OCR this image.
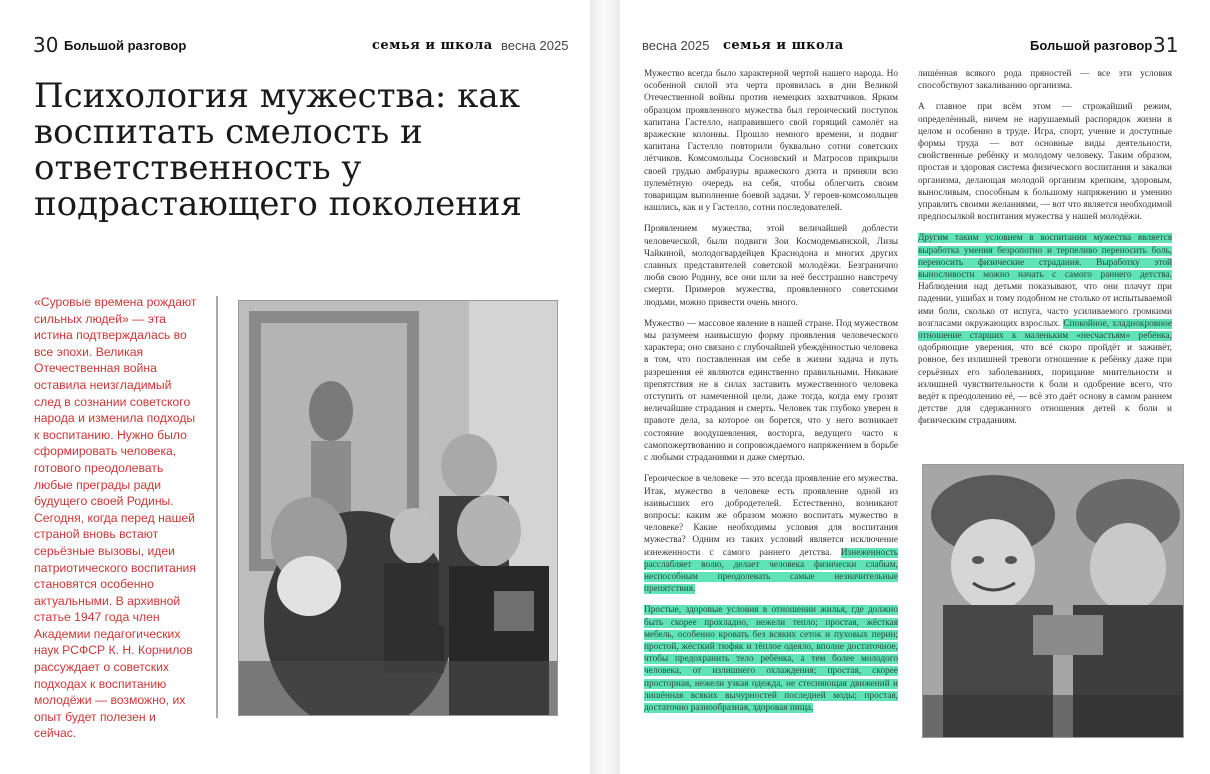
30 Большой разговор	семья и школа весна 2025
Психология мужества: как воспитать смелость и ответственность у подрастающего поколения
«Суровые времена рождают сильных людей» — эта истина подтверждалась во все эпохи. Великая Отечественная война оставила неизгладимый след в сознании советского народа и изменила подходы к воспитанию. Нужно было сформировать человека, готового преодолевать любые преграды ради будущего своей Родины. Сегодня, когда перед нашей страной вновь встают серьёзные вызовы, идеи патриотического воспитания становятся особенно актуальными. В архивной статье 1947 года член Академии педагогических наук РСФСР К. Н. Корнилов рассуждает о советских подходах к воспитанию молодёжи — возможно, их опыт будет полезен и сейчас.
весна 2025 семья и школа	Большой разговор 31

Мужество всегда было характерной чертой нашего народа. Но особенной силой эта черта проявилась в дни Великой Отечественной войны против немецких захватчиков. Ярким образцом проявленного мужества был героический поступок капитана Гастелло, направившего свой горящий самолёт на вражеские колонны. Прошло немного времени, и подвиг капитана Гастелло повторили буквально сотни советских лётчиков. Комсомольцы Сосновский и Матросов прикрыли своей грудью амбразуры вражеского дзота и приняли всю пулемётную очередь на себя, чтобы облегчить своим товарищам выполнение боевой задачи. У героев-комсомольцев нашлись, как и у Гастелло, сотни последователей.

Проявлением мужества, этой величайшей доблести человеческой, были подвиги Зои Космодемьянской, Лизы Чайкиной, молодогвардейцев Краснодона и многих других славных представителей советской молодёжи. Безгранично любя свою Родину, все они шли за неё бесстрашно навстречу смерти. Примеров мужества, проявленного советскими людьми, можно привести очень много.

Мужество — массовое явление в нашей стране. Под мужеством мы разумеем наивысшую форму проявления человеческого характера; оно связано с глубочайшей убеждённостью человека в том, что поставленная им себе в жизни задача и путь разрешения её являются единственно правильными. Никакие препятствия не в силах заставить мужественного человека отступить от намеченной цели, даже тогда, когда ему грозят величайшие страдания и смерть. Человек так глубоко уверен в правоте дела, за которое он борется, что у него возникает состояние воодушевления, восторга, ведущего часто к самопожертвованию и сопровождаемого напряжением в борьбе с любыми страданиями и даже смертью.

Героическое в человеке — это всегда проявление его мужества. Итак, мужество в человеке есть проявление одной из наивысших его добродетелей. Естественно, возникают вопросы: каким же образом можно воспитать мужество в человеке? Какие необходимы условия для воспитания мужества? Одним из таких условий является исключение изнеженности с самого раннего детства. Изнеженность расслабляет волю, делает человека физически слабым, неспособным преодолевать самые незначительные препятствия.

Простые, здоровые условия в отношении жилья, где должно быть скорее прохладно, нежели тепло; простая, жёсткая мебель, особенно кровать без всяких сеток и пуховых перин; простой, жёсткий тюфяк и тёплое одеяло, вполне достаточное, чтобы предохранить тело ребёнка, а тем более молодого человека, от излишнего охлаждения; простая, скорее просторная, нежели узкая одежда, не стесняющая движений и лишённая всяких вычурностей последней моды; простая, достаточно разнообразная, здоровая пища,

лишённая всякого рода пряностей — все эти условия способствуют закаливанию организма.

А главное при всём этом — строжайший режим, определённый, ничем не нарушаемый распорядок жизни в целом и особенно в труде. Игра, спорт, учение и доступные формы труда — вот основные виды деятельности, свойственные ребёнку и молодому человеку. Таким образом, простая и здоровая система физического воспитания и закалки организма, делающая молодой организм крепким, здоровым, выносливым, способным к большому напряжению и умению управлять своими желаниями, — вот что является необходимой предпосылкой воспитания мужества у нашей молодёжи.

Другим таким условием в воспитании мужества является выработка умения безропотно и терпеливо переносить боль, переносить физические страдания. Выработку этой выносливости можно начать с самого раннего детства. Наблюдения над детьми показывают, что они плачут при падении, ушибах и тому подобном не столько от испытываемой ими боли, сколько от испуга, часто усиливаемого громкими возгласами окружающих взрослых. Спокойное, хладнокровное отношение старших к маленьким «несчастьям» ребёнка, одобряющие уверения, что всё скоро пройдёт и заживёт, ровное, без излишней тревоги отношение к ребёнку даже при серьёзных его заболеваниях, порицание мнительности и излишней чувствительности к боли и одобрение всего, что ведёт к преодолению её, — всё это даёт основу в самом раннем детстве для сдержанного отношения детей к боли и физическим страданиям.
